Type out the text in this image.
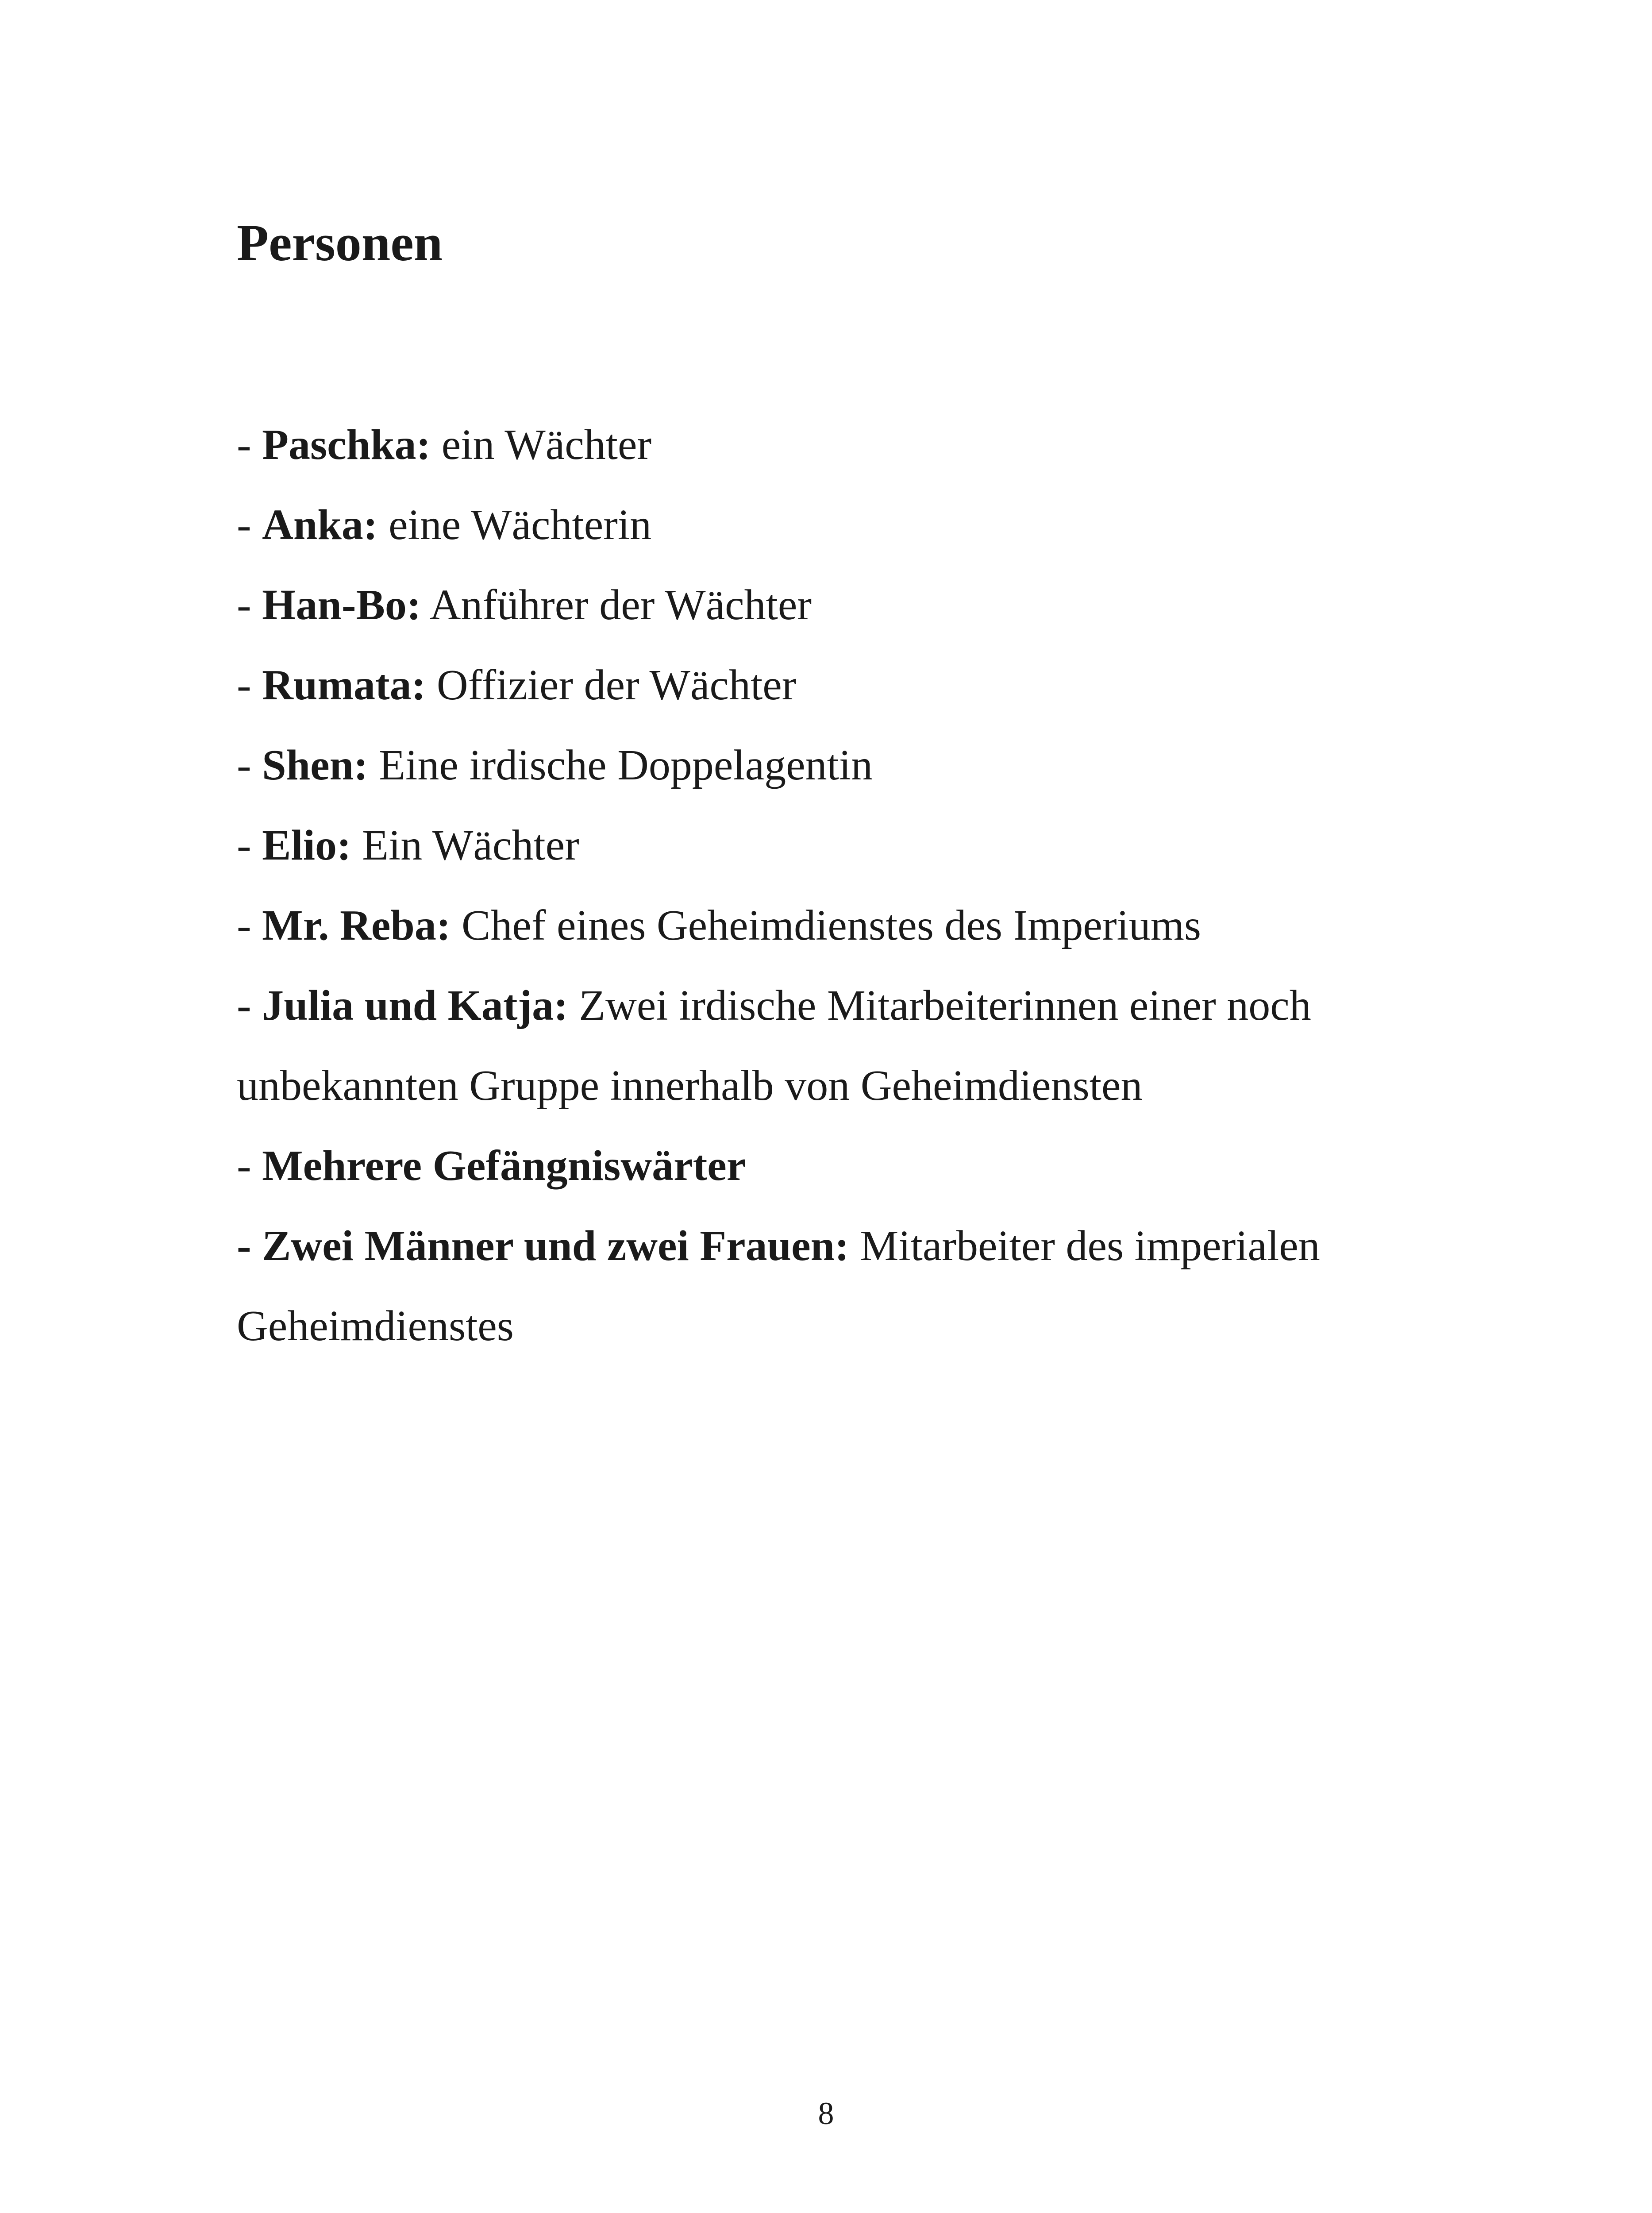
Personen
- Paschka: ein Wächter
- Anka: eine Wächterin
- Han-Bo: Anführer der Wächter
- Rumata: Offizier der Wächter
- Shen: Eine irdische Doppelagentin
- Elio: Ein Wächter
- Mr. Reba: Chef eines Geheimdienstes des Imperiums
- Julia und Katja: Zwei irdische Mitarbeiterinnen einer noch unbekannten Gruppe innerhalb von Geheimdiensten
- Mehrere Gefängniswärter
- Zwei Männer und zwei Frauen: Mitarbeiter des imperialen Geheimdienstes
8
